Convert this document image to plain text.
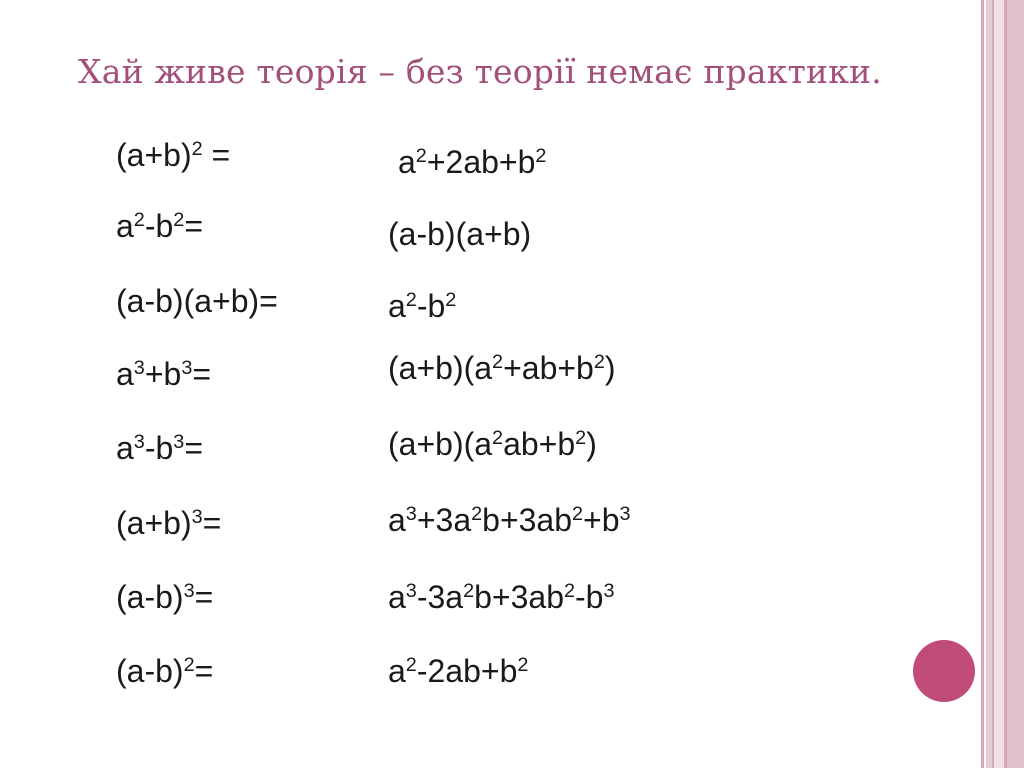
Хай живе теорія – без теорії немає практики.
$(a+b)^2$ =
$a^2-b^2=$
(a-b)(a+b)=
$a^3+b^3=$
$a^3-b^3=$
$(a+b)^3=$
$(a-b)^3=$
$(a-b)^2=$
$a^2+2ab+b^2$
(a-b)(a+b)
$a^2-b^2$
$(a+b)(a^2+ab+b^2)$
$(a+b)(a^2ab+b^2)$
$a^3+3a^2b+3ab^2+b^3$
$a^3-3a^2b+3ab^2-b^3$
$a^2-2ab+b^2$
